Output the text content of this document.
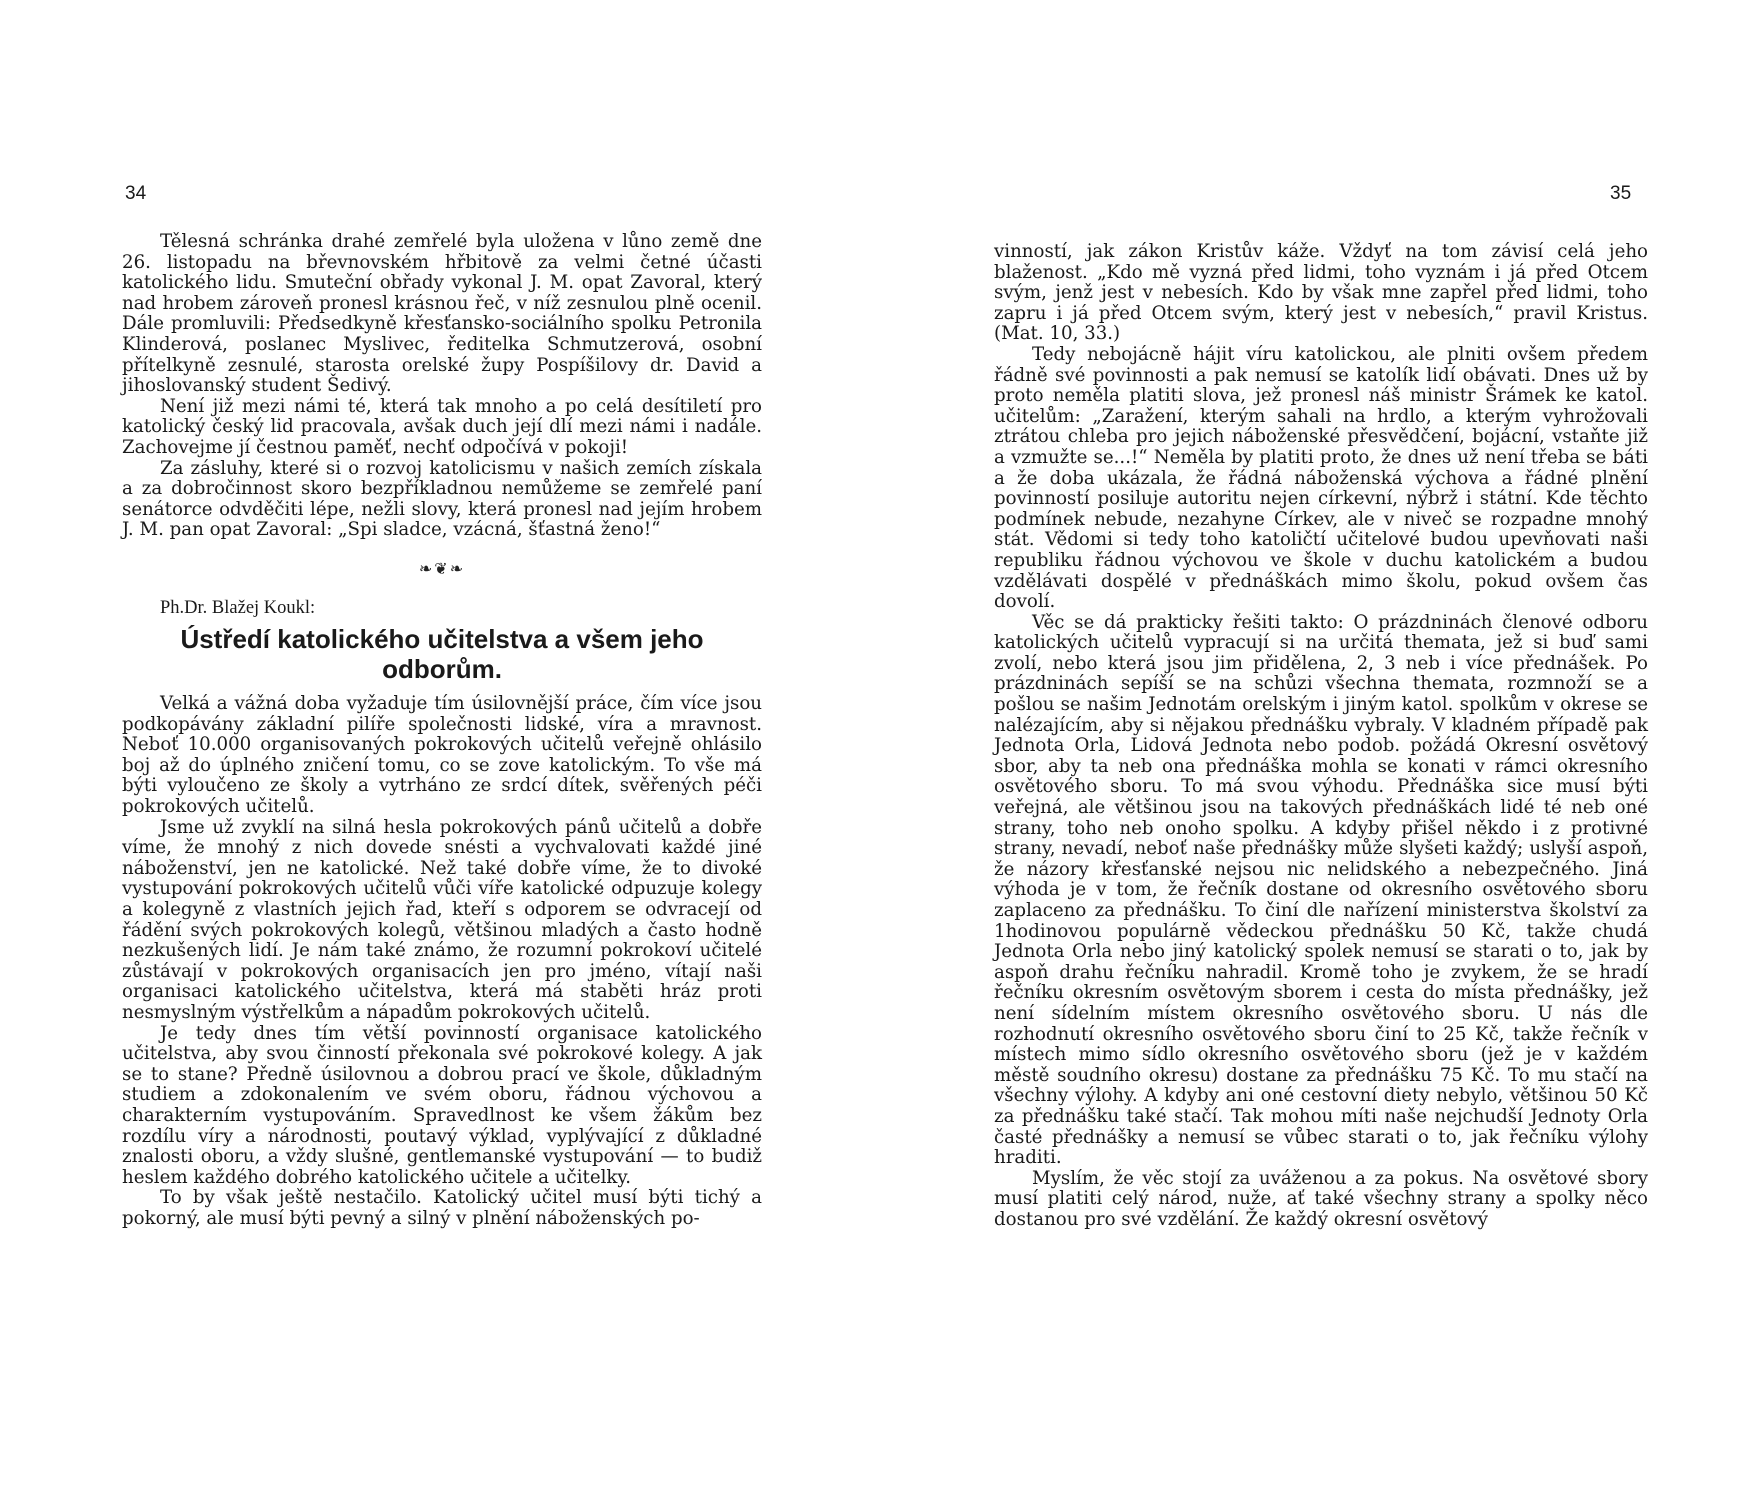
34

Tělesná schránka drahé zemřelé byla uložena v lůno země dne 26. listopadu na břevnovském hřbitově za velmi četné účasti katolického lidu. Smuteční obřady vykonal J. M. opat Zavoral, který nad hrobem zároveň pronesl krásnou řeč, v níž zesnulou plně ocenil. Dále promluvili: Předsedkyně křesťansko-sociálního spolku Petronila Klinderová, poslanec Myslivec, ředitelka Schmutzerová, osobní přítelkyně zesnulé, starosta orelské župy Pospíšilovy dr. David a jihoslovanský student Šedivý.

Není již mezi námi té, která tak mnoho a po celá desítiletí pro katolický český lid pracovala, avšak duch její dlí mezi námi i nadále. Zachovejme jí čestnou paměť, nechť odpočívá v pokoji!

Za zásluhy, které si o rozvoj katolicismu v našich zemích získala a za dobročinnost skoro bezpříkladnou nemůžeme se zemřelé paní senátorce odvděčiti lépe, nežli slovy, která pronesl nad jejím hrobem J. M. pan opat Zavoral: „Spi sladce, vzácná, šťastná ženo!“

❧❦❧

Ph.Dr. Blažej Koukl:

Ústředí katolického učitelstva a všem jeho odborům.

Velká a vážná doba vyžaduje tím úsilovnější práce, čím více jsou podkopávány základní pilíře společnosti lidské, víra a mravnost. Neboť 10.000 organisovaných pokrokových učitelů veřejně ohlásilo boj až do úplného zničení tomu, co se zove katolickým. To vše má býti vyloučeno ze školy a vytrháno ze srdcí dítek, svěřených péči pokrokových učitelů.

Jsme už zvyklí na silná hesla pokrokových pánů učitelů a dobře víme, že mnohý z nich dovede snésti a vychvalovati každé jiné náboženství, jen ne katolické. Než také dobře víme, že to divoké vystupování pokrokových učitelů vůči víře katolické odpuzuje kolegy a kolegyně z vlastních jejich řad, kteří s odporem se odvracejí od řádění svých pokrokových kolegů, většinou mladých a často hodně nezkušených lidí. Je nám také známo, že rozumní pokrokoví učitelé zůstávají v pokrokových organisacích jen pro jméno, vítají naši organisaci katolického učitelstva, která má staběti hráz proti nesmyslným výstřelkům a nápadům pokrokových učitelů.

Je tedy dnes tím větší povinností organisace katolického učitelstva, aby svou činností překonala své pokrokové kolegy. A jak se to stane? Předně úsilovnou a dobrou prací ve škole, důkladným studiem a zdokonalením ve svém oboru, řádnou výchovou a charakterním vystupováním. Spravedlnost ke všem žákům bez rozdílu víry a národnosti, poutavý výklad, vyplývající z důkladné znalosti oboru, a vždy slušné, gentlemanské vystupování — to budiž heslem každého dobrého katolického učitele a učitelky.

To by však ještě nestačilo. Katolický učitel musí býti tichý a pokorný, ale musí býti pevný a silný v plnění náboženských po-

35

vinností, jak zákon Kristův káže. Vždyť na tom závisí celá jeho blaženost. „Kdo mě vyzná před lidmi, toho vyznám i já před Otcem svým, jenž jest v nebesích. Kdo by však mne zapřel před lidmi, toho zapru i já před Otcem svým, který jest v nebesích,“ pravil Kristus. (Mat. 10, 33.)

Tedy nebojácně hájit víru katolickou, ale plniti ovšem předem řádně své povinnosti a pak nemusí se katolík lidí obávati. Dnes už by proto neměla platiti slova, jež pronesl náš ministr Šrámek ke katol. učitelům: „Zaražení, kterým sahali na hrdlo, a kterým vyhrožovali ztrátou chleba pro jejich náboženské přesvědčení, bojácní, vstaňte již a vzmužte se...!“ Neměla by platiti proto, že dnes už není třeba se báti a že doba ukázala, že řádná náboženská výchova a řádné plnění povinností posiluje autoritu nejen církevní, nýbrž i státní. Kde těchto podmínek nebude, nezahyne Církev, ale v niveč se rozpadne mnohý stát. Vědomi si tedy toho katoličtí učitelové budou upevňovati naši republiku řádnou výchovou ve škole v duchu katolickém a budou vzdělávati dospělé v přednáškách mimo školu, pokud ovšem čas dovolí.

Věc se dá prakticky řešiti takto: O prázdninách členové odboru katolických učitelů vypracují si na určitá themata, jež si buď sami zvolí, nebo která jsou jim přidělena, 2, 3 neb i více přednášek. Po prázdninách sepíší se na schůzi všechna themata, rozmnoží se a pošlou se našim Jednotám orelským i jiným katol. spolkům v okrese se nalézajícím, aby si nějakou přednášku vybraly. V kladném případě pak Jednota Orla, Lidová Jednota nebo podob. požádá Okresní osvětový sbor, aby ta neb ona přednáška mohla se konati v rámci okresního osvětového sboru. To má svou výhodu. Přednáška sice musí býti veřejná, ale většinou jsou na takových přednáškách lidé té neb oné strany, toho neb onoho spolku. A kdyby přišel někdo i z protivné strany, nevadí, neboť naše přednášky může slyšeti každý; uslyší aspoň, že názory křesťanské nejsou nic nelidského a nebezpečného. Jiná výhoda je v tom, že řečník dostane od okresního osvětového sboru zaplaceno za přednášku. To činí dle nařízení ministerstva školství za 1hodinovou populárně vědeckou přednášku 50 Kč, takže chudá Jednota Orla nebo jiný katolický spolek nemusí se starati o to, jak by aspoň drahu řečníku nahradil. Kromě toho je zvykem, že se hradí řečníku okresním osvětovým sborem i cesta do místa přednášky, jež není sídelním místem okresního osvětového sboru. U nás dle rozhodnutí okresního osvětového sboru činí to 25 Kč, takže řečník v místech mimo sídlo okresního osvětového sboru (jež je v každém městě soudního okresu) dostane za přednášku 75 Kč. To mu stačí na všechny výlohy. A kdyby ani oné cestovní diety nebylo, většinou 50 Kč za přednášku také stačí. Tak mohou míti naše nejchudší Jednoty Orla časté přednášky a nemusí se vůbec starati o to, jak řečníku výlohy hraditi.

Myslím, že věc stojí za uváženou a za pokus. Na osvětové sbory musí platiti celý národ, nuže, ať také všechny strany a spolky něco dostanou pro své vzdělání. Že každý okresní osvětový
